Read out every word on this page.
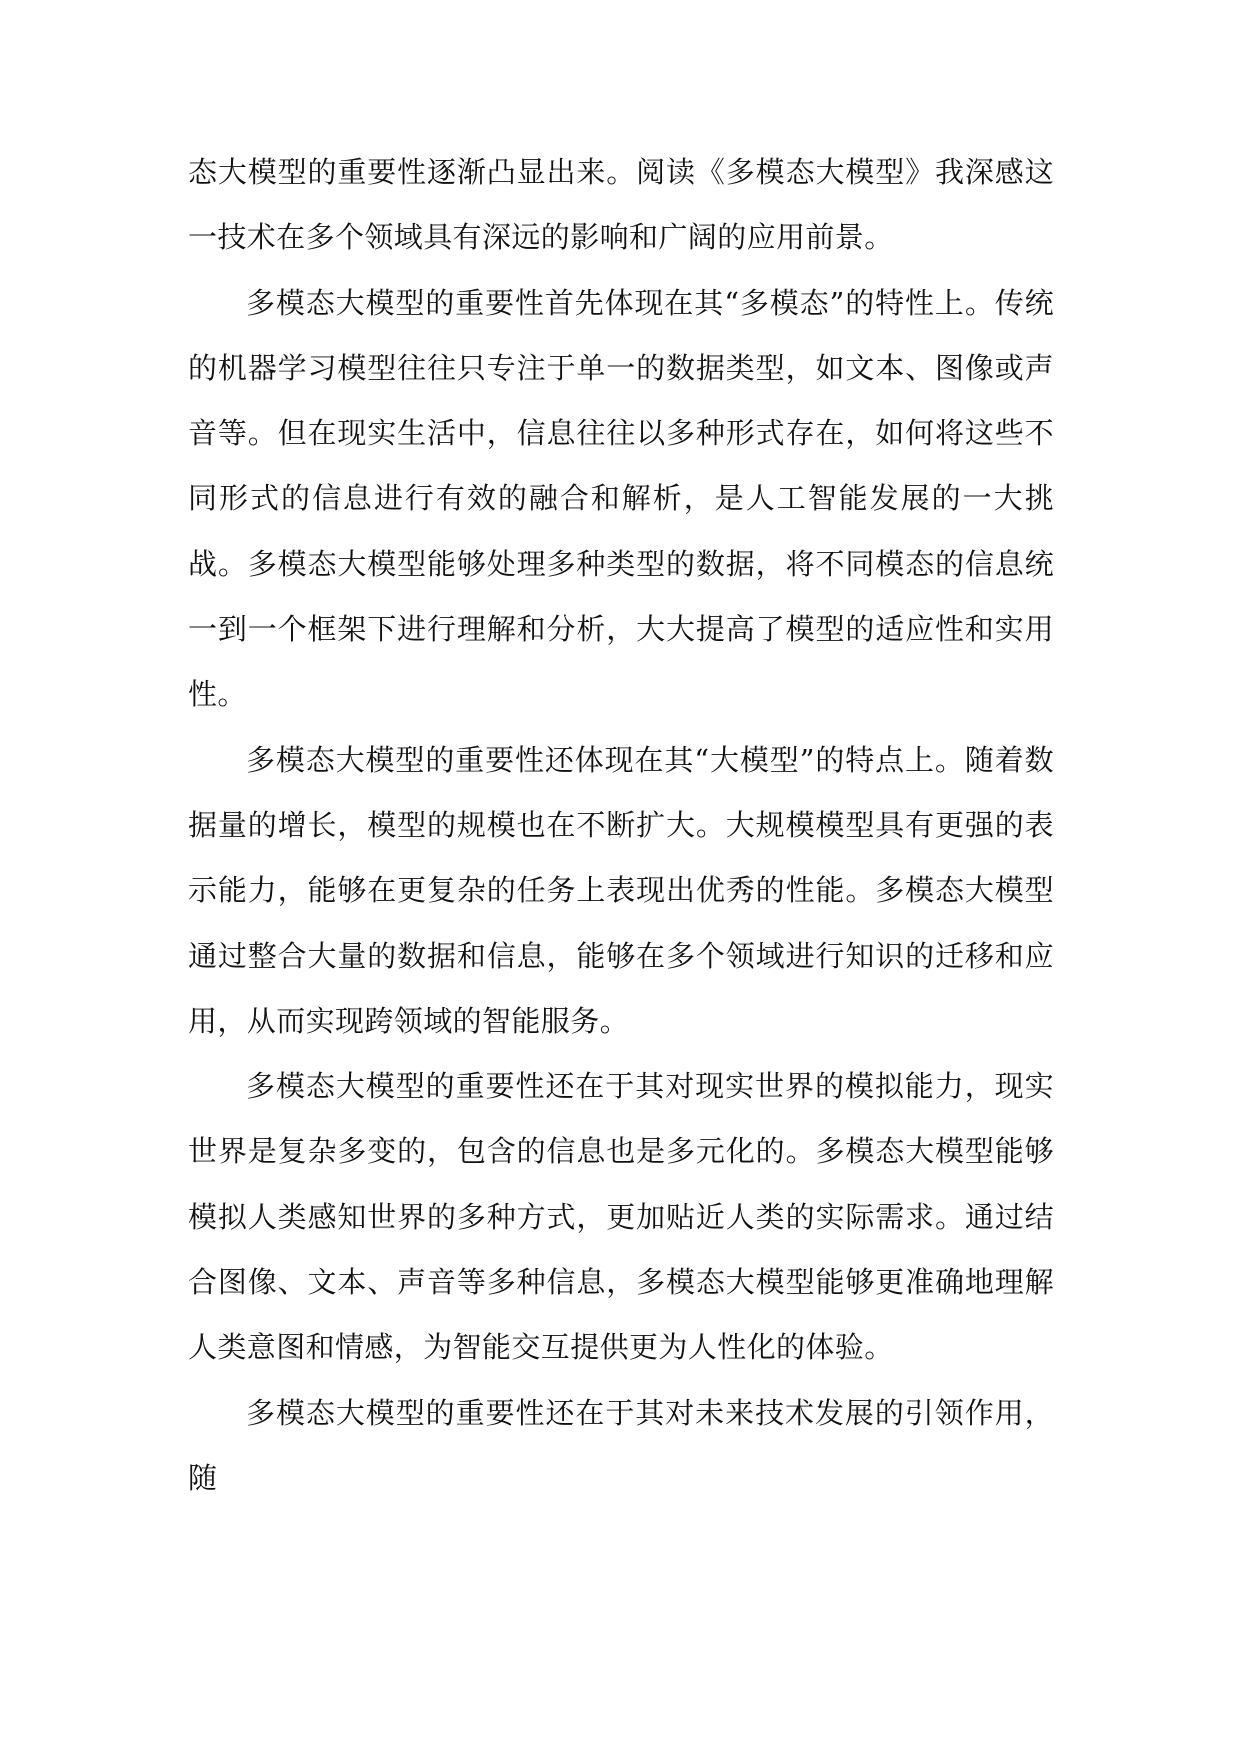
态大模型的重要性逐渐凸显出来。阅读《多模态大模型》我深感这一技术在多个领域具有深远的影响和广阔的应用前景。

多模态大模型的重要性首先体现在其“多模态”的特性上。传统的机器学习模型往往只专注于单一的数据类型，如文本、图像或声音等。但在现实生活中，信息往往以多种形式存在，如何将这些不同形式的信息进行有效的融合和解析，是人工智能发展的一大挑战。多模态大模型能够处理多种类型的数据，将不同模态的信息统一到一个框架下进行理解和分析，大大提高了模型的适应性和实用性。

多模态大模型的重要性还体现在其“大模型”的特点上。随着数据量的增长，模型的规模也在不断扩大。大规模模型具有更强的表示能力，能够在更复杂的任务上表现出优秀的性能。多模态大模型通过整合大量的数据和信息，能够在多个领域进行知识的迁移和应用，从而实现跨领域的智能服务。

多模态大模型的重要性还在于其对现实世界的模拟能力，现实世界是复杂多变的，包含的信息也是多元化的。多模态大模型能够模拟人类感知世界的多种方式，更加贴近人类的实际需求。通过结合图像、文本、声音等多种信息，多模态大模型能够更准确地理解人类意图和情感，为智能交互提供更为人性化的体验。

多模态大模型的重要性还在于其对未来技术发展的引领作用，随
